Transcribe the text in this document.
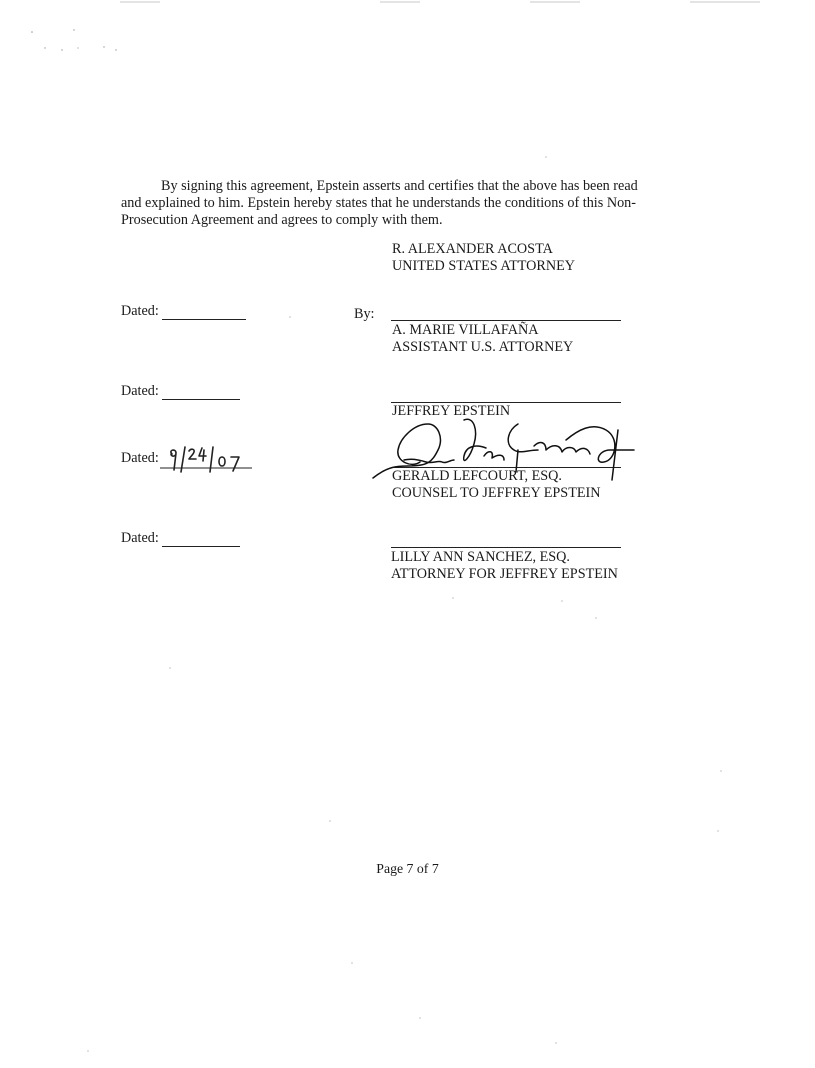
By signing this agreement, Epstein asserts and certifies that the above has been read
and explained to him. Epstein hereby states that he understands the conditions of this Non-
Prosecution Agreement and agrees to comply with them.
R. ALEXANDER ACOSTA
UNITED STATES ATTORNEY
Dated:	By:
A. MARIE VILLAFAÑA
ASSISTANT U.S. ATTORNEY
Dated:
JEFFREY EPSTEIN
Dated:
GERALD LEFCOURT, ESQ.
COUNSEL TO JEFFREY EPSTEIN
Dated:
LILLY ANN SANCHEZ, ESQ.
ATTORNEY FOR JEFFREY EPSTEIN
Page 7 of 7
